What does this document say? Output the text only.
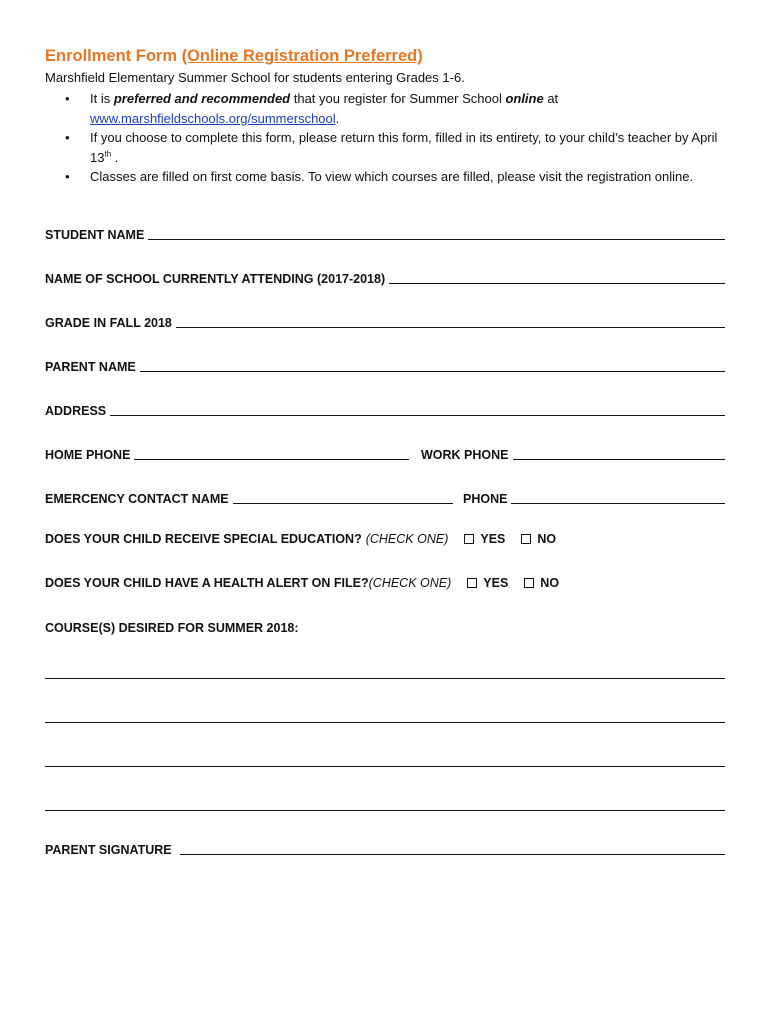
Enrollment Form (Online Registration Preferred)
Marshfield Elementary Summer School for students entering Grades 1-6.
• It is preferred and recommended that you register for Summer School online at
www.marshfieldschools.org/summerschool.
• If you choose to complete this form, please return this form, filled in its entirety, to your child’s teacher by April 13th .
• Classes are filled on first come basis. To view which courses are filled, please visit the registration online.
STUDENT NAME
NAME OF SCHOOL CURRENTLY ATTENDING (2017-2018)
GRADE IN FALL 2018
PARENT NAME
ADDRESS
HOME PHONE	WORK PHONE
EMERCENCY CONTACT NAME	PHONE
DOES YOUR CHILD RECEIVE SPECIAL EDUCATION? (CHECK ONE)	YES	NO
DOES YOUR CHILD HAVE A HEALTH ALERT ON FILE? (CHECK ONE)	YES	NO
COURSE(S) DESIRED FOR SUMMER 2018:
PARENT SIGNATURE
